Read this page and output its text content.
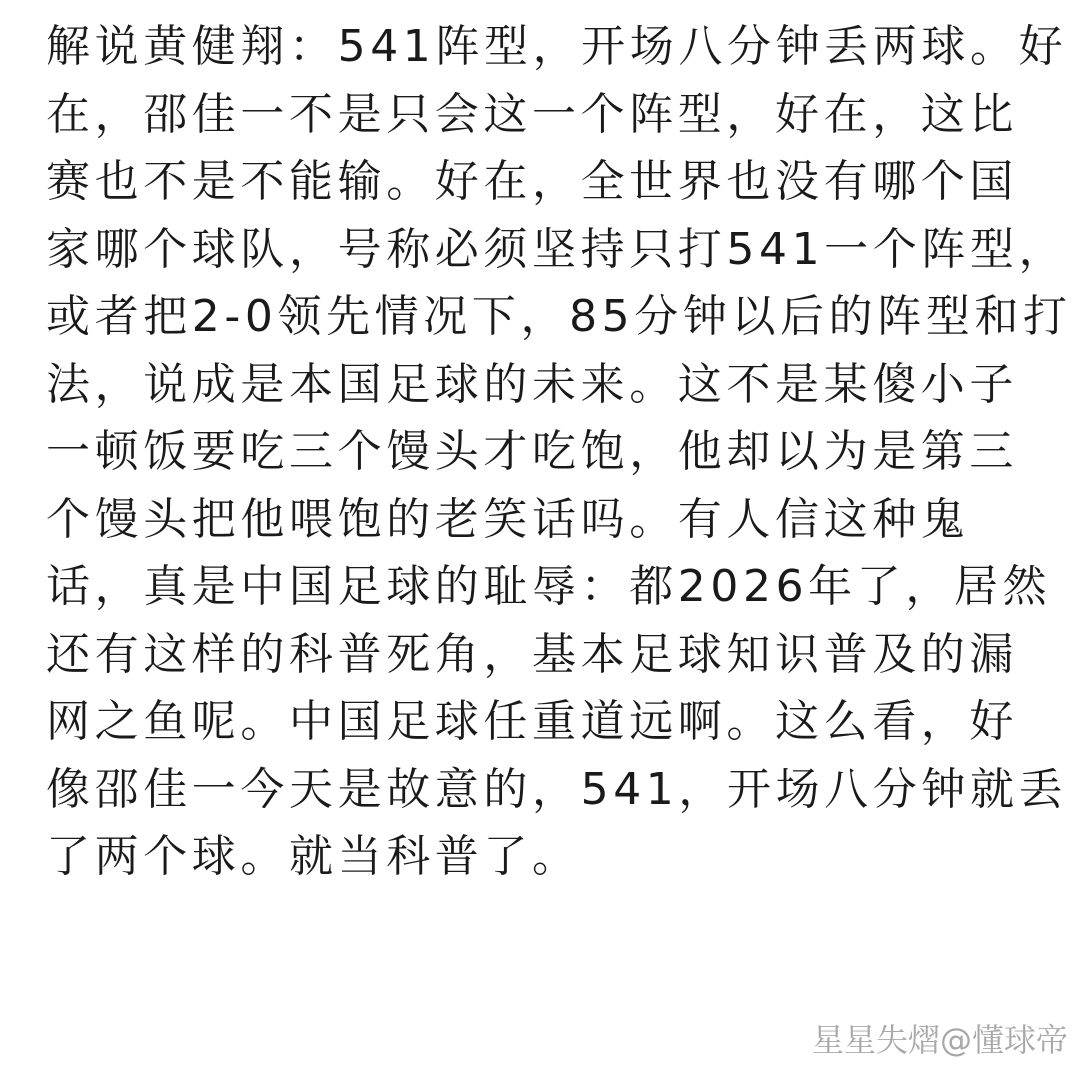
解说黄健翔：541阵型，开场八分钟丢两球。好
在，邵佳一不是只会这一个阵型，好在，这比
赛也不是不能输。好在，全世界也没有哪个国
家哪个球队，号称必须坚持只打541一个阵型，
或者把2-0领先情况下，85分钟以后的阵型和打
法，说成是本国足球的未来。这不是某傻小子
一顿饭要吃三个馒头才吃饱，他却以为是第三
个馒头把他喂饱的老笑话吗。有人信这种鬼
话，真是中国足球的耻辱：都2026年了，居然
还有这样的科普死角，基本足球知识普及的漏
网之鱼呢。中国足球任重道远啊。这么看，好
像邵佳一今天是故意的，541，开场八分钟就丢
了两个球。就当科普了。
星星失熠@懂球帝
